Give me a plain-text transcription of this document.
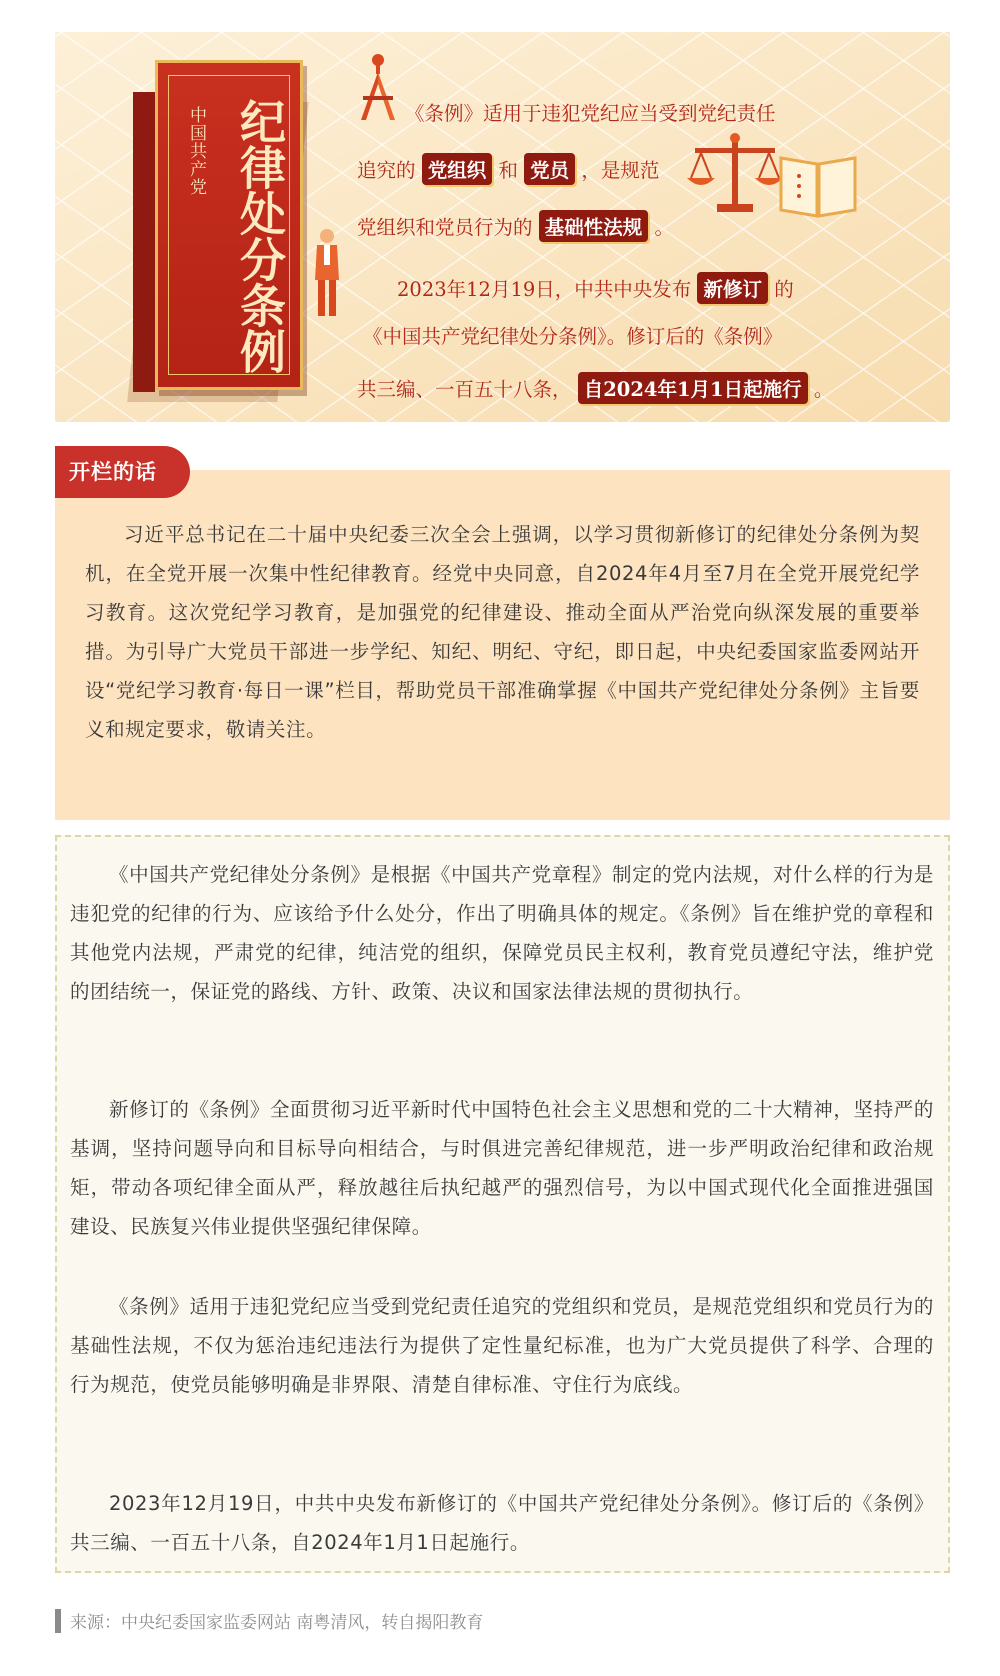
中国共产党 纪律处分条例	《条例》适用于违犯党纪应当受到党纪责任
追究的 党组织 和 党员 ，是规范
党组织和党员行为的 基础性法规 。
2023年12月19日，中共中央发布 新修订 的
《中国共产党纪律处分条例》。修订后的《条例》
共三编、一百五十八条， 自2024年1月1日起施行 。
开栏的话

习近平总书记在二十届中央纪委三次全会上强调，以学习贯彻新修订的纪律处分条例为契机，在全党开展一次集中性纪律教育。经党中央同意，自2024年4月至7月在全党开展党纪学习教育。这次党纪学习教育，是加强党的纪律建设、推动全面从严治党向纵深发展的重要举措。为引导广大党员干部进一步学纪、知纪、明纪、守纪，即日起，中央纪委国家监委网站开设“党纪学习教育·每日一课”栏目，帮助党员干部准确掌握《中国共产党纪律处分条例》主旨要义和规定要求，敬请关注。

《中国共产党纪律处分条例》是根据《中国共产党章程》制定的党内法规，对什么样的行为是违犯党的纪律的行为、应该给予什么处分，作出了明确具体的规定。《条例》旨在维护党的章程和其他党内法规，严肃党的纪律，纯洁党的组织，保障党员民主权利，教育党员遵纪守法，维护党的团结统一，保证党的路线、方针、政策、决议和国家法律法规的贯彻执行。

新修订的《条例》全面贯彻习近平新时代中国特色社会主义思想和党的二十大精神，坚持严的基调，坚持问题导向和目标导向相结合，与时俱进完善纪律规范，进一步严明政治纪律和政治规矩，带动各项纪律全面从严，释放越往后执纪越严的强烈信号，为以中国式现代化全面推进强国建设、民族复兴伟业提供坚强纪律保障。

《条例》适用于违犯党纪应当受到党纪责任追究的党组织和党员，是规范党组织和党员行为的基础性法规，不仅为惩治违纪违法行为提供了定性量纪标准，也为广大党员提供了科学、合理的行为规范，使党员能够明确是非界限、清楚自律标准、守住行为底线。

2023年12月19日，中共中央发布新修订的《中国共产党纪律处分条例》。修订后的《条例》共三编、一百五十八条，自2024年1月1日起施行。

来源：中央纪委国家监委网站 南粤清风，转自揭阳教育
